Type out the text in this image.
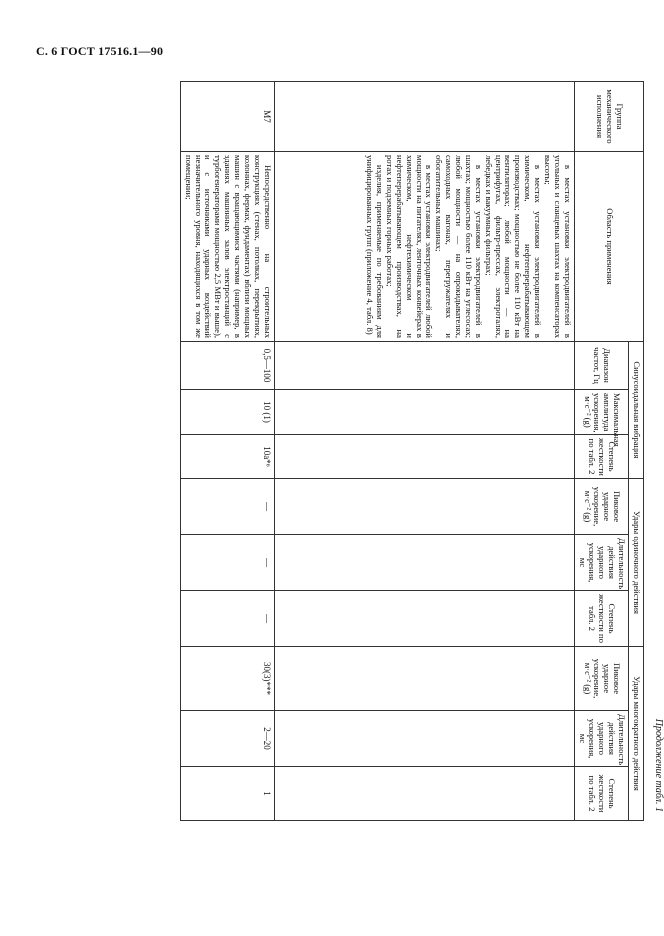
С. 6 ГОСТ 17516.1—90
Продолжение табл. 1
Группа механического исполнения	Область применения	Синусоидальная вибрация			Удары одиночного действия			Удары многократного действия		
		Диапазон частот, Гц	Максимальная амплитуда ускорения, м·с⁻² (g)	Степень жесткости по табл. 2	Пиковое ударное ускорение, м·с⁻² (g)	Длительность действия ударного ускорения, мс	Степень жесткости по табл. 2	Пиковое ударное ускорение, м·с⁻² (g)	Длительность действия ударного ускорения, мс	Степень жесткости по табл. 2

	в местах установки электродвигателей в угольных и сланцевых шахтах на компенсаторах высоты;

в местах установки электродвигателей в химическом, нефтеперерабатывающем производствах; мощностью не более 110 кВт на вентиляторах; любой мощности — на центрифугах, фильтр-прессах, электроталях, лебедках и вакуумных фильтрах;

в местах установки электродвигателей в шахтах; мощностью более 110 кВт на углесосах; любой мощности — на опрокидывателях, самоходных вагонах, перегружателях и обогатительных машинах;

в местах установки электродвигателей любой мощности на питателях, ленточных конвейерах в химическом, нефтехимическом и нефтеперерабатывающем производствах, на ротах и подземных горных работах;

изделия, применяемые по требованиям для унифицированных групп (приложение 4, табл. 8)									

М7	Непосредственно на строительных конструкциях (стенах, потолках, перекрытиях, колоннах, фермах, фундаментах) вблизи мощных машин с вращающимися частями (например, в зданиях машинных залов электростанций с турбогенераторами мощностью 2,5 МВт и выше), и с источниками ударных воздействий незначительного уровня, находящихся в том же помещении;	0,5—100	10 (1)	10а*⁶	—	—	—	30(3)***	2—20	1
